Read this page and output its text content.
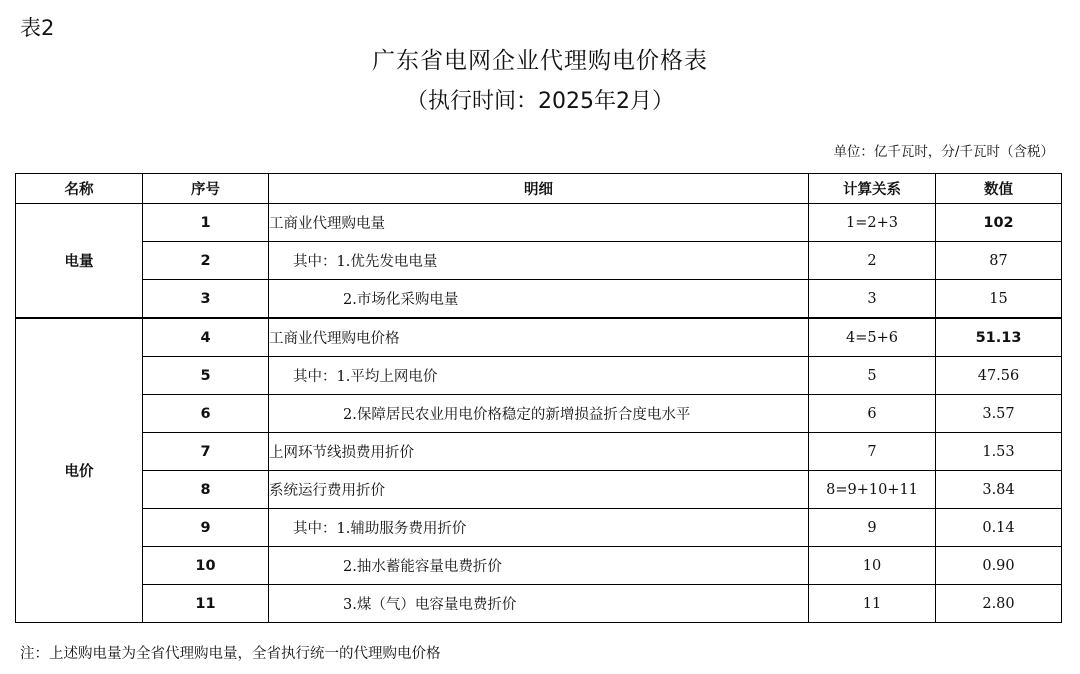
表2
广东省电网企业代理购电价格表
（执行时间：2025年2月）
单位：亿千瓦时，分/千瓦时（含税）
名称	序号	明细	计算关系	数值
电量	1	工商业代理购电量	1=2+3	102
	2	其中：1.优先发电电量	2	87
	3	2.市场化采购电量	3	15
电价	4	工商业代理购电价格	4=5+6	51.13
	5	其中：1.平均上网电价	5	47.56
	6	2.保障居民农业用电价格稳定的新增损益折合度电水平	6	3.57
	7	上网环节线损费用折价	7	1.53
	8	系统运行费用折价	8=9+10+11	3.84
	9	其中：1.辅助服务费用折价	9	0.14
	10	2.抽水蓄能容量电费折价	10	0.90
	11	3.煤（气）电容量电费折价	11	2.80
注：上述购电量为全省代理购电量，全省执行统一的代理购电价格
